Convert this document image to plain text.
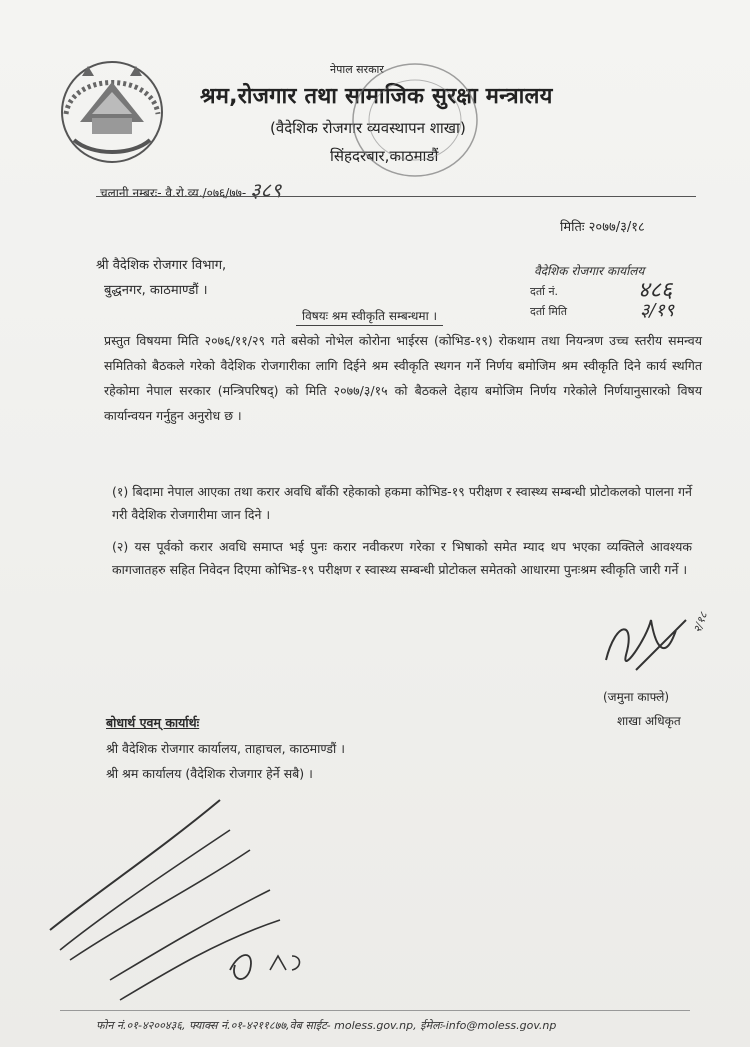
नेपाल सरकार
श्रम,रोजगार तथा सामाजिक सुरक्षा मन्त्रालय
(वैदेशिक रोजगार व्यवस्थापन शाखा)
सिंहदरबार,काठमाडौं
चलानी नम्बरः- वै.रो.व्य./०७६/७७- ३८९
मितिः २०७७/३/१८
श्री वैदेशिक रोजगार विभाग,
बुद्धनगर, काठमाण्डौं ।
वैदेशिक रोजगार कार्यालय
दर्ता नं.	४८६
दर्ता मिति	३/१९
विषयः श्रम स्वीकृति सम्बन्धमा ।
प्रस्तुत विषयमा मिति २०७६/११/२९ गते बसेको नोभेल कोरोना भाईरस (कोभिड-१९) रोकथाम तथा नियन्त्रण उच्च स्तरीय समन्वय समितिको बैठकले गरेको वैदेशिक रोजगारीका लागि दिईने श्रम स्वीकृति स्थगन गर्ने निर्णय बमोजिम श्रम स्वीकृति दिने कार्य स्थगित रहेकोमा नेपाल सरकार (मन्त्रिपरिषद्) को मिति २०७७/३/१५ को बैठकले देहाय बमोजिम निर्णय गरेकोले निर्णयानुसारको विषय कार्यान्वयन गर्नुहुन अनुरोध छ ।
(१) बिदामा नेपाल आएका तथा करार अवधि बाँकी रहेकाको हकमा कोभिड-१९ परीक्षण र स्वास्थ्य सम्बन्धी प्रोटोकलको पालना गर्ने गरी वैदेशिक रोजगारीमा जान दिने ।
(२) यस पूर्वको करार अवधि समाप्त भई पुनः करार नवीकरण गरेका र भिषाको समेत म्याद थप भएका व्यक्तिले आवश्यक कागजातहरु सहित निवेदन दिएमा कोभिड-१९ परीक्षण र स्वास्थ्य सम्बन्धी प्रोटोकल समेतको आधारमा पुनःश्रम स्वीकृति जारी गर्ने ।
२/१८
(जमुना काफ्ले)
शाखा अधिकृत
बोधार्थ एवम् कार्यार्थः
श्री वैदेशिक रोजगार कार्यालय, ताहाचल, काठमाण्डौं ।
श्री श्रम कार्यालय (वैदेशिक रोजगार हेर्ने सबै) ।
फोन नं.०१-४२००४३६, फ्याक्स नं.०१-४२११८७७,वेब साईट- moless.gov.np, ईमेलः-info@moless.gov.np
